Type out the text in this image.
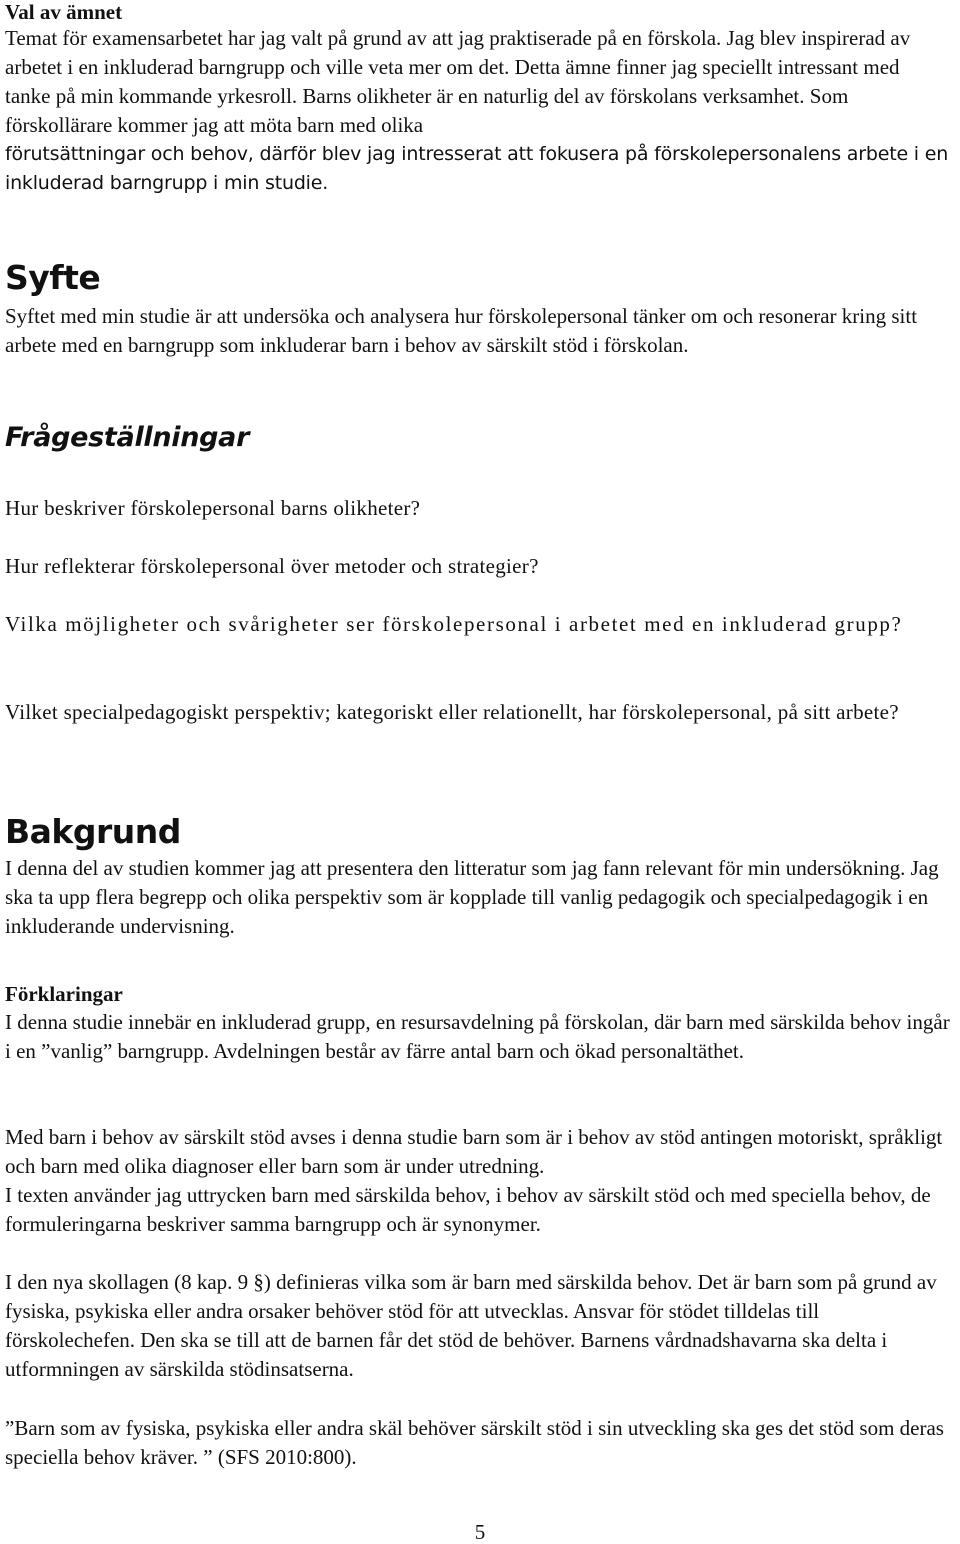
Val av ämnet

Temat för examensarbetet har jag valt på grund av att jag praktiserade på en förskola. Jag blev inspirerad av arbetet i en inkluderad barngrupp och ville veta mer om det. Detta ämne finner jag speciellt intressant med tanke på min kommande yrkesroll. Barns olikheter är en naturlig del av förskolans verksamhet. Som förskollärare kommer jag att möta barn med olika

förutsättningar och behov, därför blev jag intresserat att fokusera på förskolepersonalens arbete i en inkluderad barngrupp i min studie.

Syfte

Syftet med min studie är att undersöka och analysera hur förskolepersonal tänker om och resonerar kring sitt arbete med en barngrupp som inkluderar barn i behov av särskilt stöd i förskolan.

Frågeställningar

Hur beskriver förskolepersonal barns olikheter?

Hur reflekterar förskolepersonal över metoder och strategier?

Vilka möjligheter och svårigheter ser förskolepersonal i arbetet med en inkluderad grupp?

Vilket specialpedagogiskt perspektiv; kategoriskt eller relationellt, har förskolepersonal, på sitt arbete?

Bakgrund

I denna del av studien kommer jag att presentera den litteratur som jag fann relevant för min undersökning. Jag ska ta upp flera begrepp och olika perspektiv som är kopplade till vanlig pedagogik och specialpedagogik i en inkluderande undervisning.

Förklaringar

I denna studie innebär en inkluderad grupp, en resursavdelning på förskolan, där barn med särskilda behov ingår i en ”vanlig” barngrupp. Avdelningen består av färre antal barn och ökad personaltäthet.

Med barn i behov av särskilt stöd avses i denna studie barn som är i behov av stöd antingen motoriskt, språkligt och barn med olika diagnoser eller barn som är under utredning.

I texten använder jag uttrycken barn med särskilda behov, i behov av särskilt stöd och med speciella behov, de formuleringarna beskriver samma barngrupp och är synonymer.

I den nya skollagen (8 kap. 9 §) definieras vilka som är barn med särskilda behov. Det är barn som på grund av fysiska, psykiska eller andra orsaker behöver stöd för att utvecklas. Ansvar för stödet tilldelas till förskolechefen. Den ska se till att de barnen får det stöd de behöver. Barnens vårdnadshavarna ska delta i utformningen av särskilda stödinsatserna.

”Barn som av fysiska, psykiska eller andra skäl behöver särskilt stöd i sin utveckling ska ges det stöd som deras speciella behov kräver. ” (SFS 2010:800).

5
